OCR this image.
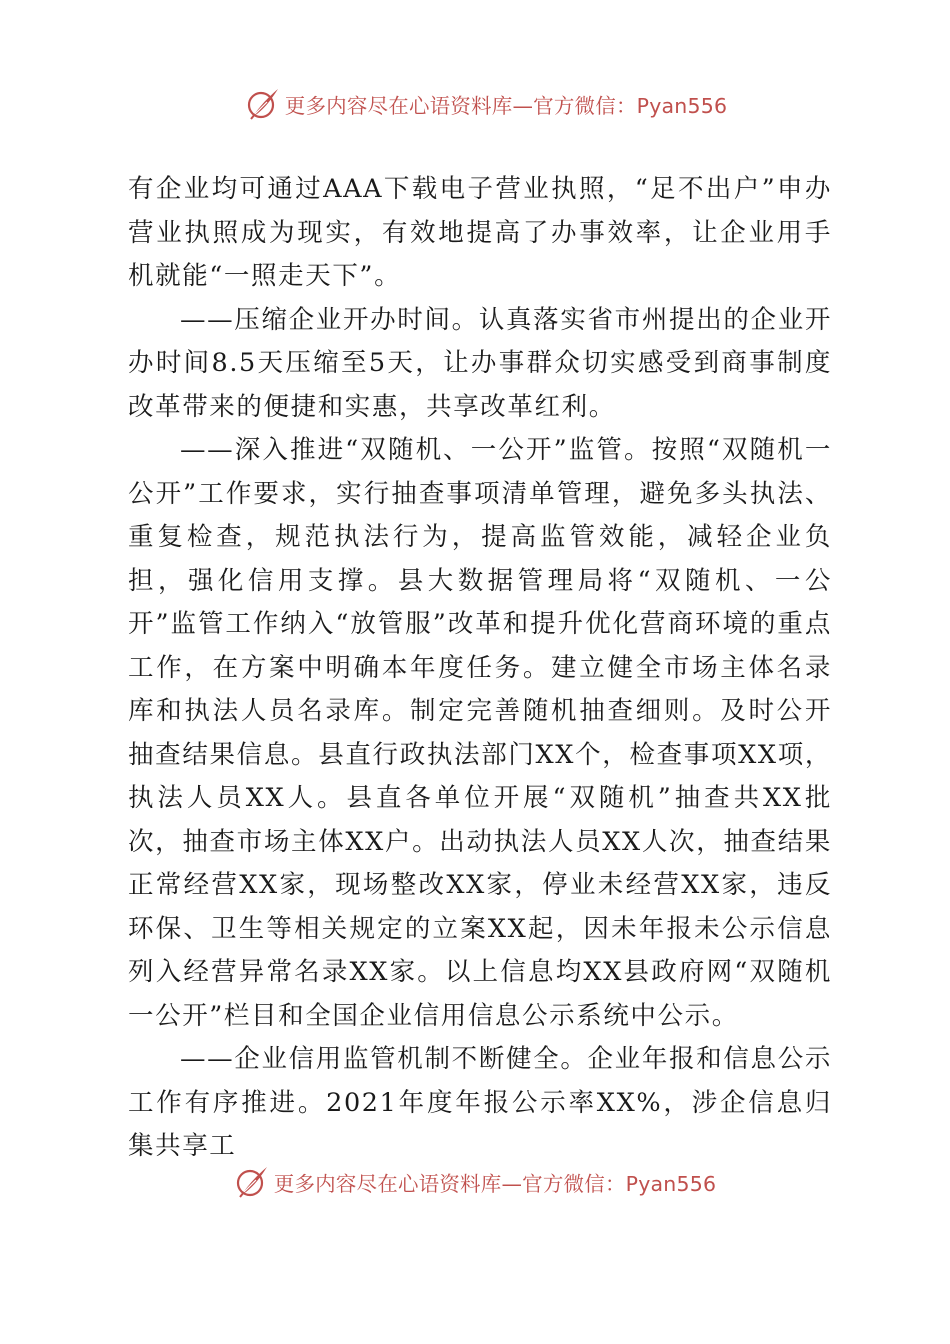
更多内容尽在心语资料库—官方微信：Pyan556

有企业均可通过AAA下载电子营业执照，“足不出户”申办营业执照成为现实，有效地提高了办事效率，让企业用手机就能“一照走天下”。

——压缩企业开办时间。认真落实省市州提出的企业开办时间8.5天压缩至5天，让办事群众切实感受到商事制度改革带来的便捷和实惠，共享改革红利。

——深入推进“双随机、一公开”监管。按照“双随机一公开”工作要求，实行抽查事项清单管理，避免多头执法、重复检查，规范执法行为，提高监管效能，减轻企业负担，强化信用支撑。县大数据管理局将“双随机、一公开”监管工作纳入“放管服”改革和提升优化营商环境的重点工作，在方案中明确本年度任务。建立健全市场主体名录库和执法人员名录库。制定完善随机抽查细则。及时公开抽查结果信息。县直行政执法部门XX个，检查事项XX项，执法人员XX人。县直各单位开展“双随机”抽查共XX批次，抽查市场主体XX户。出动执法人员XX人次，抽查结果正常经营XX家，现场整改XX家，停业未经营XX家，违反环保、卫生等相关规定的立案XX起，因未年报未公示信息列入经营异常名录XX家。以上信息均XX县政府网“双随机一公开”栏目和全国企业信用信息公示系统中公示。

——企业信用监管机制不断健全。企业年报和信息公示工作有序推进。2021年度年报公示率XX%，涉企信息归集共享工

更多内容尽在心语资料库—官方微信：Pyan556
